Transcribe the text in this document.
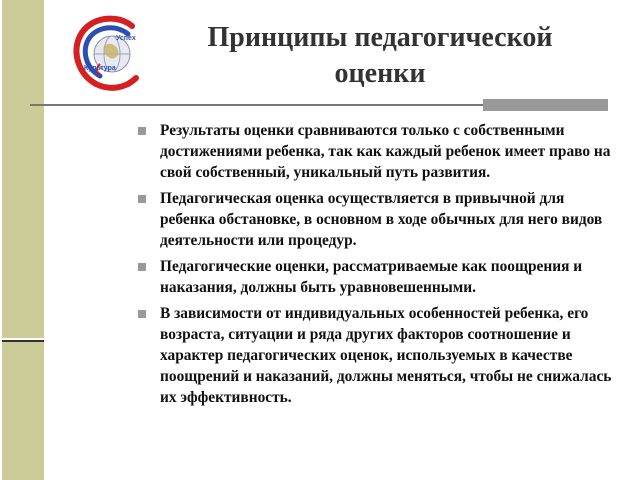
Успех
Культура
Принципы педагогической
оценки
Результаты оценки сравниваются только с собственными достижениями ребенка, так как каждый ребенок имеет право на свой собственный, уникальный путь развития.
Педагогическая оценка осуществляется в привычной для ребенка обстановке, в основном в ходе обычных для него видов деятельности или процедур.
Педагогические оценки, рассматриваемые как поощрения и наказания, должны быть уравновешенными.
В зависимости от индивидуальных особенностей ребенка, его возраста, ситуации и ряда других факторов соотношение и характер педагогических оценок, используемых в качестве поощрений и наказаний, должны меняться, чтобы не снижалась их эффективность.
